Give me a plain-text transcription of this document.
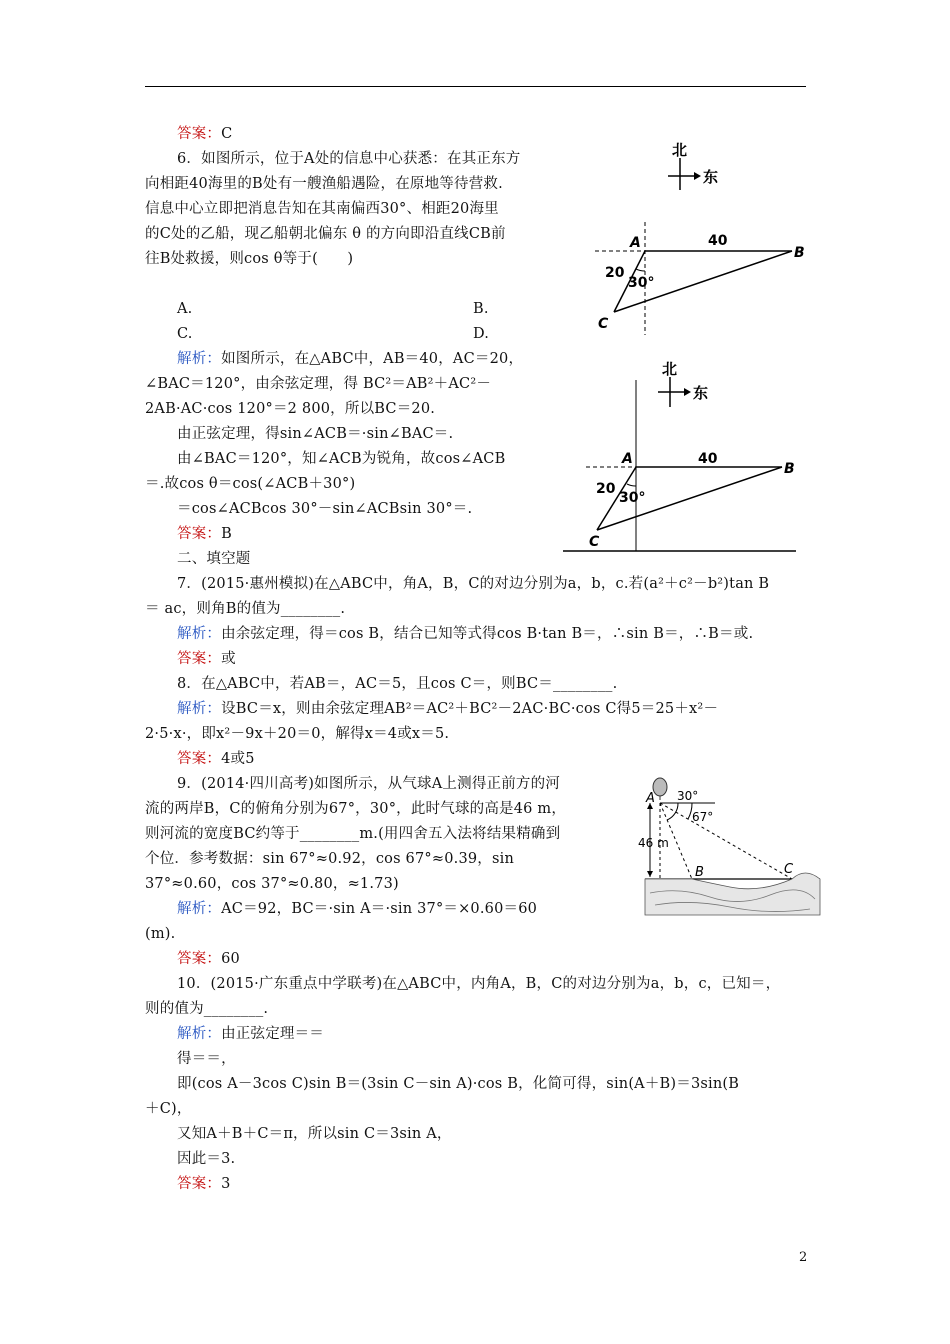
答案：C
6．如图所示，位于A处的信息中心获悉：在其正东方
向相距40海里的B处有一艘渔船遇险，在原地等待营救.
信息中心立即把消息告知在其南偏西30°、相距20海里
的C处的乙船，现乙船朝北偏东 θ 的方向即沿直线CB前
往B处救援，则cos θ等于(　　)
A.	B.
C.	D.
解析：如图所示，在△ABC中，AB＝40，AC＝20，
∠BAC＝120°，由余弦定理，得 BC²＝AB²＋AC²－
2AB·AC·cos 120°＝2 800，所以BC＝20.
由正弦定理，得sin∠ACB＝·sin∠BAC＝.
由∠BAC＝120°，知∠ACB为锐角，故cos∠ACB
＝.故cos θ＝cos(∠ACB＋30°)
＝cos∠ACBcos 30°－sin∠ACBsin 30°＝.
答案：B
二、填空题
7．(2015·惠州模拟)在△ABC中，角A，B，C的对边分别为a，b，c.若(a²＋c²－b²)tan B
＝ ac，则角B的值为________.
解析：由余弦定理，得＝cos B，结合已知等式得cos B·tan B＝，∴sin B＝，∴B＝或.
答案：或
8．在△ABC中，若AB＝，AC＝5，且cos C＝，则BC＝________.
解析：设BC＝x，则由余弦定理AB²＝AC²＋BC²－2AC·BC·cos C得5＝25＋x²－
2·5·x·，即x²－9x＋20＝0，解得x＝4或x＝5.
答案：4或5
9．(2014·四川高考)如图所示，从气球A上测得正前方的河
流的两岸B，C的俯角分别为67°，30°，此时气球的高是46 m，
则河流的宽度BC约等于________m.(用四舍五入法将结果精确到
个位．参考数据：sin 67°≈0.92，cos 67°≈0.39，sin
37°≈0.60，cos 37°≈0.80，≈1.73)
解析：AC＝92，BC＝·sin A＝·sin 37°＝×0.60＝60
(m).
答案：60
10．(2015·广东重点中学联考)在△ABC中，内角A，B，C的对边分别为a，b，c，已知＝，
则的值为________.
解析：由正弦定理＝＝
得＝＝，
即(cos A－3cos C)sin B＝(3sin C－sin A)·cos B，化简可得，sin(A＋B)＝3sin(B
＋C)，
又知A＋B＋C＝π，所以sin C＝3sin A，
因此＝3.
答案：3
北
东
A
B
C
40
20
30°
北
东
A
B
C
40
20
30°
A
B	C
30°
67°
46 m
2
